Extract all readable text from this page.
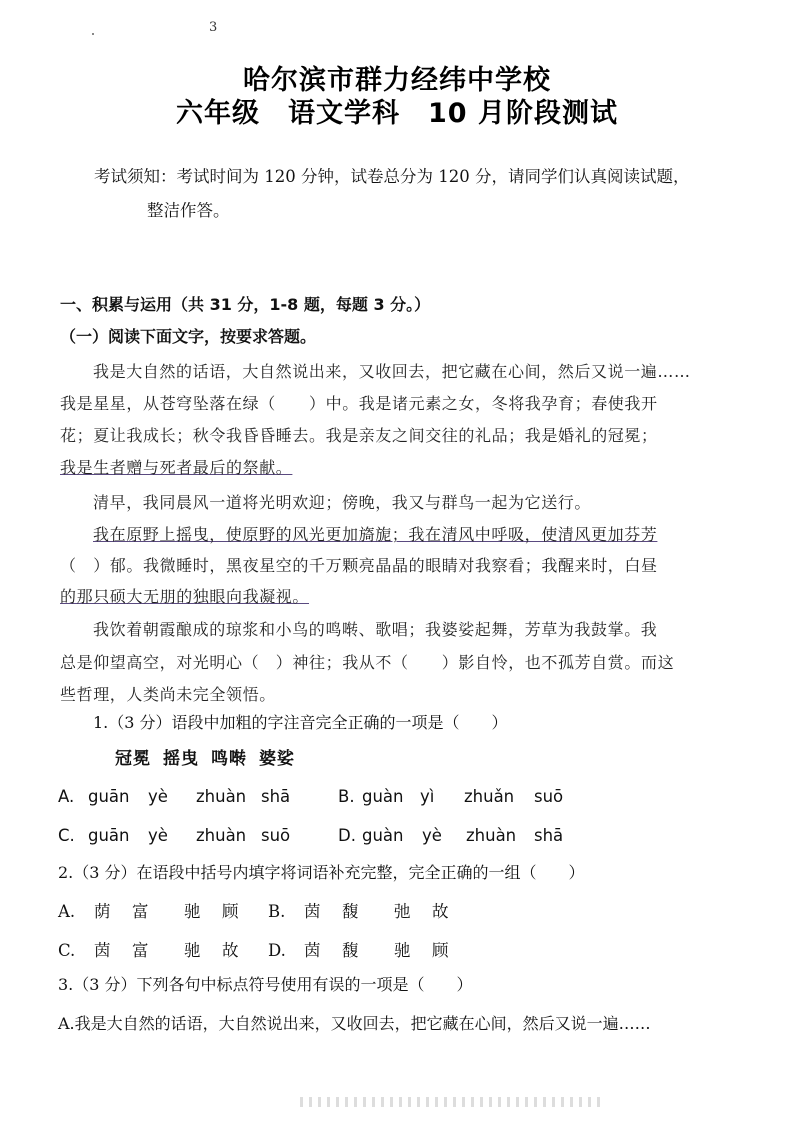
3
哈尔滨市群力经纬中学校
六年级 语文学科 10 月阶段测试
考试须知：考试时间为 120 分钟，试卷总分为 120 分，请同学们认真阅读试题，
整洁作答。
一、积累与运用（共 31 分，1-8 题，每题 3 分。）
（一）阅读下面文字，按要求答题。
我是大自然的话语，大自然说出来，又收回去，把它藏在心间，然后又说一遍……
我是星星，从苍穹坠落在绿（　　）中。我是诸元素之女，冬将我孕育；春使我开
花；夏让我成长；秋令我昏昏睡去。我是亲友之间交往的礼品；我是婚礼的冠冕；
我是生者赠与死者最后的祭献。
清早，我同晨风一道将光明欢迎；傍晚，我又与群鸟一起为它送行。
我在原野上摇曳，使原野的风光更加旖旎；我在清风中呼吸，使清风更加芬芳
（　）郁。我微睡时，黑夜星空的千万颗亮晶晶的眼睛对我察看；我醒来时，白昼
的那只硕大无朋的独眼向我凝视。
我饮着朝霞酿成的琼浆和小鸟的鸣啭、歌唱；我婆娑起舞，芳草为我鼓掌。我
总是仰望高空，对光明心（　）神往；我从不（　　）影自怜，也不孤芳自赏。而这
些哲理，人类尚未完全领悟。
1.（3 分）语段中加粗的字注音完全正确的一项是（　　）
冠冕 摇曳 鸣啭 婆娑
A. guān yè zhuàn shā	B. guàn yì zhuǎn suō
C. guān yè zhuàn suō	D. guàn yè zhuàn shā
2.（3 分）在语段中括号内填字将词语补充完整，完全正确的一组（　　）
A. 荫 富 驰 顾 B. 茵 馥 弛 故
C. 茵 富 驰 故 D. 茵 馥 驰 顾
3.（3 分）下列各句中标点符号使用有误的一项是（　　）
A.我是大自然的话语，大自然说出来，又收回去，把它藏在心间，然后又说一遍……
